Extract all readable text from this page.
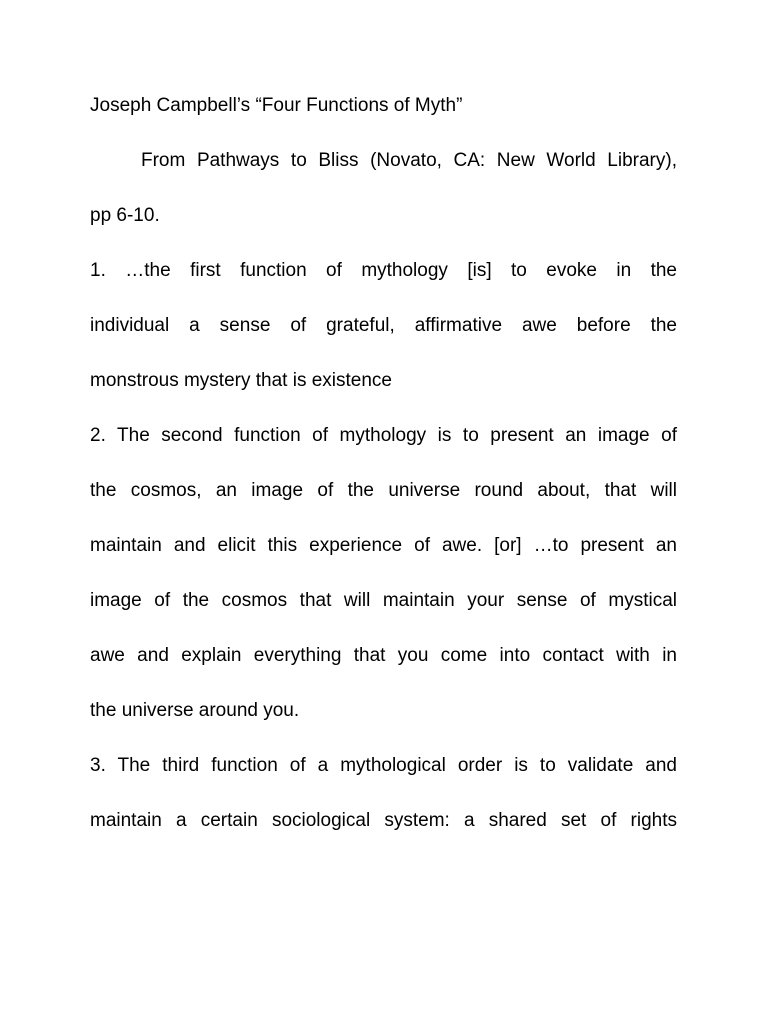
Joseph Campbell’s “Four Functions of Myth”
From Pathways to Bliss (Novato, CA: New World Library),
pp 6-10.
1. …the first function of mythology [is] to evoke in the
individual a sense of grateful, affirmative awe before the
monstrous mystery that is existence
2. The second function of mythology is to present an image of
the cosmos, an image of the universe round about, that will
maintain and elicit this experience of awe. [or] …to present an
image of the cosmos that will maintain your sense of mystical
awe and explain everything that you come into contact with in
the universe around you.
3. The third function of a mythological order is to validate and
maintain a certain sociological system: a shared set of rights
